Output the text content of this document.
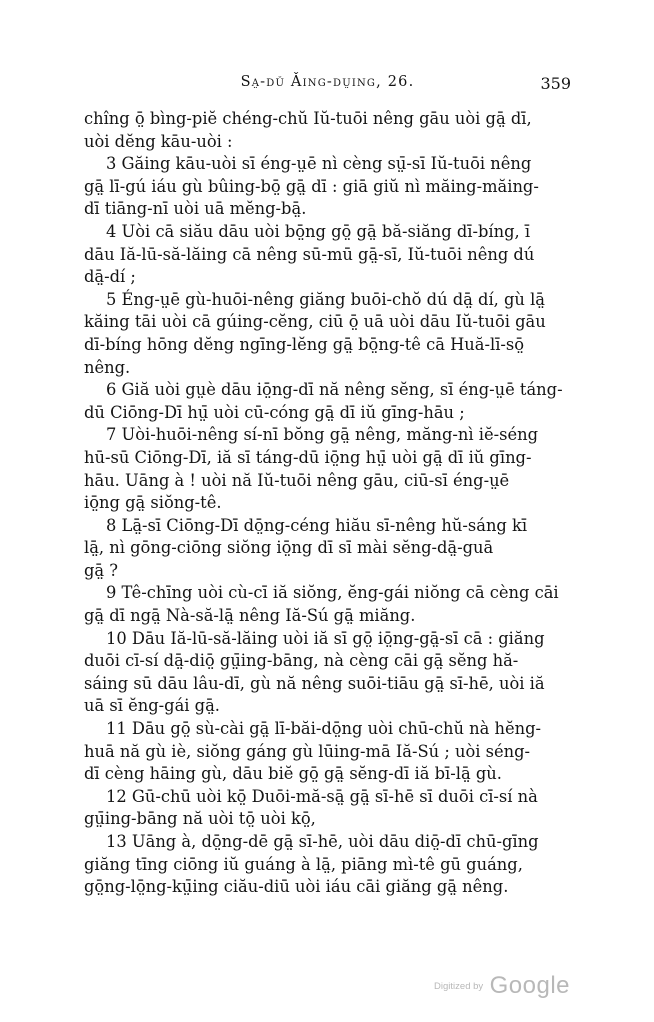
Sa̤-dǔ Ǎing-dṳing, 26.	359
chîng ō̤ bìng-piĕ chéng-chŭ Iŭ-tuōi nêng gāu uòi gā̤ dī,
uòi dĕng kāu-uòi :
3 Găing kāu-uòi sī éng-ṳē nì cèng sṳ̄-sī Iŭ-tuōi nêng
gā̤ lī-gú iáu gù bûing-bō̤ gā̤ dī : giā giŭ nì măing-măing-
dī tiāng-nī uòi uā mĕng-bā̤.
4 Uòi cā siău dāu uòi bō̤ng gō̤ gā̤ bă-siăng dī-bíng, ī
dāu Iă-lū-să-lăing cā nêng sū-mū gā̤-sī, Iŭ-tuōi nêng dú
dā̤-dí ;
5 Éng-ṳē gù-huōi-nêng giăng buōi-chŏ dú dā̤ dí, gù lā̤
kăing tāi uòi cā gúing-cĕng, ciū ō̤ uā uòi dāu Iŭ-tuōi gāu
dī-bíng hōng dĕng ngīng-lĕng gā̤ bō̤ng-tê cā Huă-lī-sō̤
nêng.
6 Giă uòi gṳè dāu iō̤ng-dī nă nêng sĕng, sī éng-ṳē táng-
dū Ciōng-Dī hṳ̄ uòi cū-cóng gā̤ dī iŭ gīng-hāu ;
7 Uòi-huōi-nêng sí-nī bŏng gā̤ nêng, măng-nì iĕ-séng
hū-sū Ciōng-Dī, iă sī táng-dū iō̤ng hṳ̄ uòi gā̤ dī iŭ gīng-
hāu. Uāng à ! uòi nă Iŭ-tuōi nêng gāu, ciū-sī éng-ṳē
iō̤ng gā̤ siŏng-tê.
8 Lā̤-sī Ciōng-Dī dō̤ng-céng hiău sī-nêng hŭ-sáng kī
lā̤, nì gōng-ciōng siŏng iō̤ng dī sī mài sĕng-dā̤-guā
gā̤ ?
9 Tê-chīng uòi cù-cī iă siŏng, ĕng-gái niŏng cā cèng cāi
gā̤ dī ngā̤ Nà-să-lā̤ nêng Iă-Sú gā̤ miăng.
10 Dāu Iă-lū-să-lăing uòi iă sī gō̤ iō̤ng-gā̤-sī cā : giăng
duōi cī-sí dā̤-diō̤ gṳ̄ing-bāng, nà cèng cāi gā̤ sĕng hă-
sáing sū dāu lâu-dī, gù nă nêng suōi-tiāu gā̤ sī-hē, uòi iă
uā sī ĕng-gái gā̤.
11 Dāu gō̤ sù-cài gā̤ lī-băi-dō̤ng uòi chū-chŭ nà hĕng-
huā nă gù iè, siŏng gáng gù lūing-mā Iă-Sú ; uòi séng-
dī cèng hāing gù, dāu biĕ gō̤ gā̤ sĕng-dī iă bī-lā̤ gù.
12 Gū-chū uòi kō̤ Duōi-mă-sā̤ gā̤ sī-hē sī duōi cī-sí nà
gṳ̄ing-bāng nă uòi tō̤ uòi kō̤,
13 Uāng à, dō̤ng-dē gā̤ sī-hē, uòi dāu diō̤-dī chū-gīng
giăng tīng ciōng iŭ guáng à lā̤, piāng mì-tê gū guáng,
gō̤ng-lō̤ng-kṳ̄ing ciău-diū uòi iáu cāi giăng gā̤ nêng.
Digitized by Google
